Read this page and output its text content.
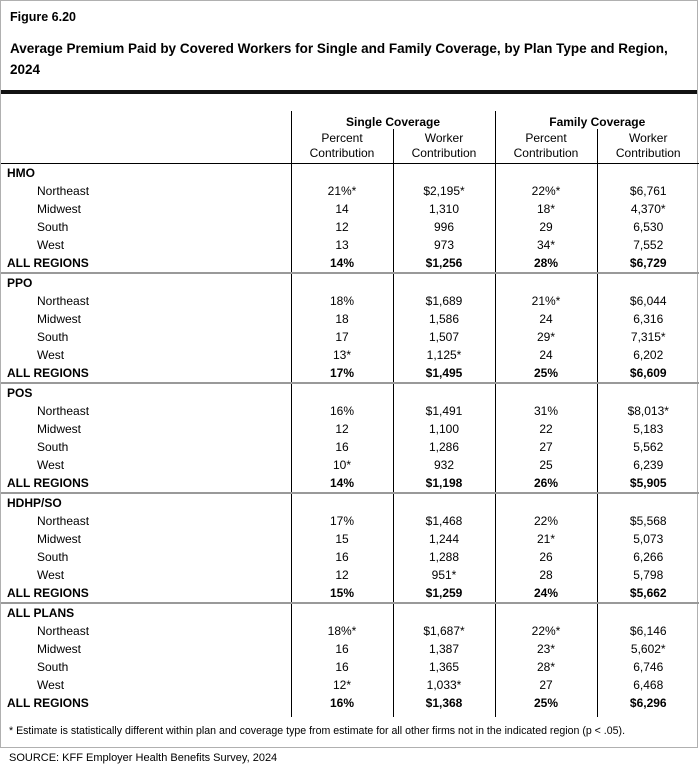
Figure 6.20
Average Premium Paid by Covered Workers for Single and Family Coverage, by Plan Type and Region, 2024
	Single Coverage		Family Coverage	
	Percent Contribution	Worker Contribution	Percent Contribution	Worker Contribution
HMO				
Northeast	21%*	$2,195*	22%*	$6,761
Midwest	14	1,310	18*	4,370*
South	12	996	29	6,530
West	13	973	34*	7,552
ALL REGIONS	14%	$1,256	28%	$6,729
PPO				
Northeast	18%	$1,689	21%*	$6,044
Midwest	18	1,586	24	6,316
South	17	1,507	29*	7,315*
West	13*	1,125*	24	6,202
ALL REGIONS	17%	$1,495	25%	$6,609
POS				
Northeast	16%	$1,491	31%	$8,013*
Midwest	12	1,100	22	5,183
South	16	1,286	27	5,562
West	10*	932	25	6,239
ALL REGIONS	14%	$1,198	26%	$5,905
HDHP/SO				
Northeast	17%	$1,468	22%	$5,568
Midwest	15	1,244	21*	5,073
South	16	1,288	26	6,266
West	12	951*	28	5,798
ALL REGIONS	15%	$1,259	24%	$5,662
ALL PLANS				
Northeast	18%*	$1,687*	22%*	$6,146
Midwest	16	1,387	23*	5,602*
South	16	1,365	28*	6,746
West	12*	1,033*	27	6,468
ALL REGIONS	16%	$1,368	25%	$6,296

* Estimate is statistically different within plan and coverage type from estimate for all other firms not in the indicated region (p < .05).
SOURCE: KFF Employer Health Benefits Survey, 2024
